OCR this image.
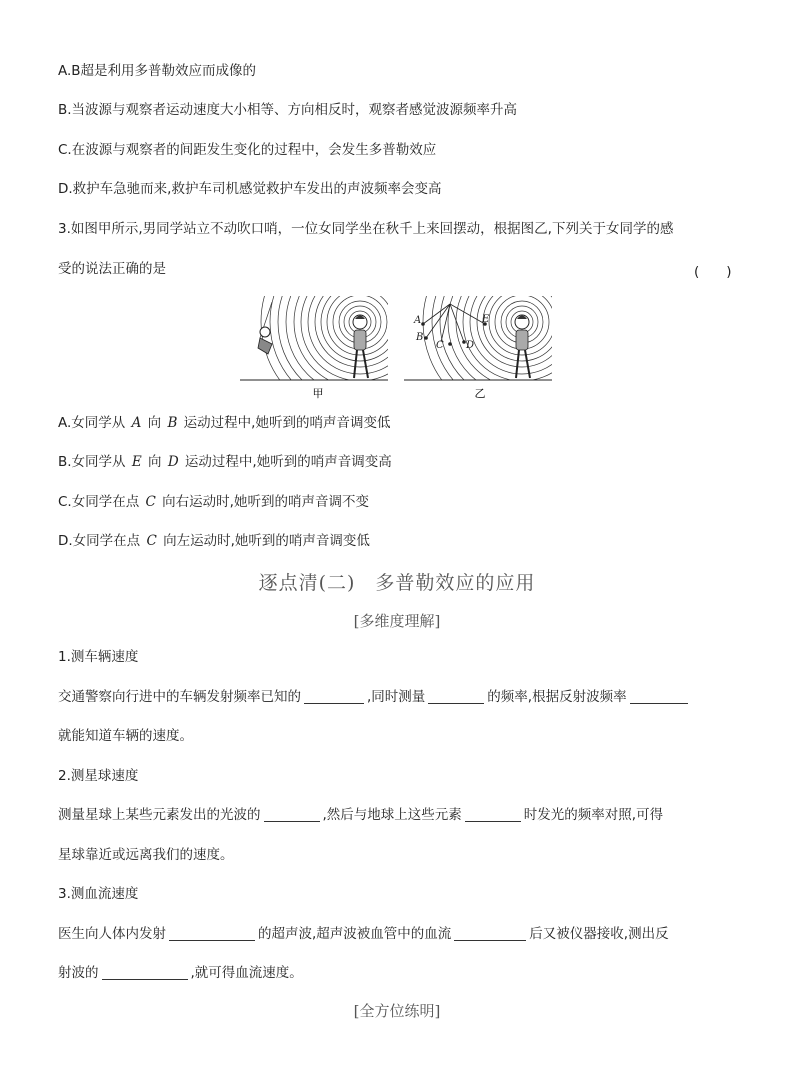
A.B超是利用多普勒效应而成像的
B.当波源与观察者运动速度大小相等、方向相反时，观察者感觉波源频率升高
C.在波源与观察者的间距发生变化的过程中，会发生多普勒效应
D.救护车急驰而来,救护车司机感觉救护车发出的声波频率会变高
3.如图甲所示,男同学站立不动吹口哨，一位女同学坐在秋千上来回摆动，根据图乙,下列关于女同学的感
受的说法正确的是	(　　)
甲
A
B
C D
E
乙
A.女同学从 A 向 B 运动过程中,她听到的哨声音调变低
B.女同学从 E 向 D 运动过程中,她听到的哨声音调变高
C.女同学在点 C 向右运动时,她听到的哨声音调不变
D.女同学在点 C 向左运动时,她听到的哨声音调变低
逐点清(二)　多普勒效应的应用
[多维度理解]
1.测车辆速度
交通警察向行进中的车辆发射频率已知的	,同时测量	的频率,根据反射波频率
就能知道车辆的速度。
2.测星球速度
测量星球上某些元素发出的光波的	,然后与地球上这些元素	时发光的频率对照,可得
星球靠近或远离我们的速度。
3.测血流速度
医生向人体内发射	的超声波,超声波被血管中的血流	后又被仪器接收,测出反
射波的	,就可得血流速度。
[全方位练明]
